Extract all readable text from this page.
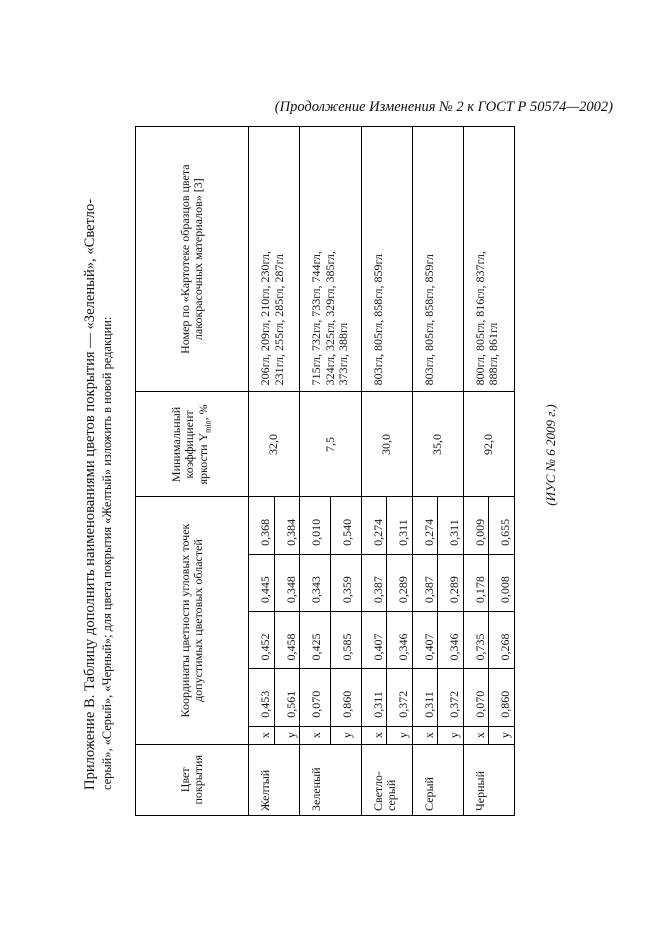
(Продолжение Изменения № 2 к ГОСТ Р 50574—2002)

Приложение В. Таблицу дополнить наименованиями цветов покрытия — «Зеленый», «Светло- серый», «Серый», «Черный»; для цвета покрытия «Желтый» изложить в новой редакции:	Цвет покрытия	Координаты цветности угловых точек допустимых цветовых областей					Минимальный коэффициент яркости $Y_{min}$, %	Номер по «Картотеке образцов цвета лакокрасочных материалов» [3]
Желтый	x	0,453	0,452	0,445	0,368	32,0	206гл, 209гл, 210гл, 230гл, 231гл, 255гл, 285гл, 287гл

	y	0,561	0,458	0,348	0,384		
Зеленый	x	0,070	0,425	0,343	0,010	7,5	715гл, 732гл, 733гл, 744гл, 324гл, 325гл, 329гл, 385гл, 373гл, 388гл

	y	0,860	0,585	0,359	0,540		
Светло-серый	x	0,311	0,407	0,387	0,274	30,0	803гл, 805гл, 858гл, 859гл

	y	0,372	0,346	0,289	0,311		
Серый	x	0,311	0,407	0,387	0,274	35,0	803гл, 805гл, 858гл, 859гл

	y	0,372	0,346	0,289	0,311		
Черный	x	0,070	0,735	0,178	0,009	92,0	800гл, 805гл, 816гл, 837гл, 888гл, 861гл

	y	0,860	0,268	0,008	0,655		
(ИУС № 6 2009 г.)
